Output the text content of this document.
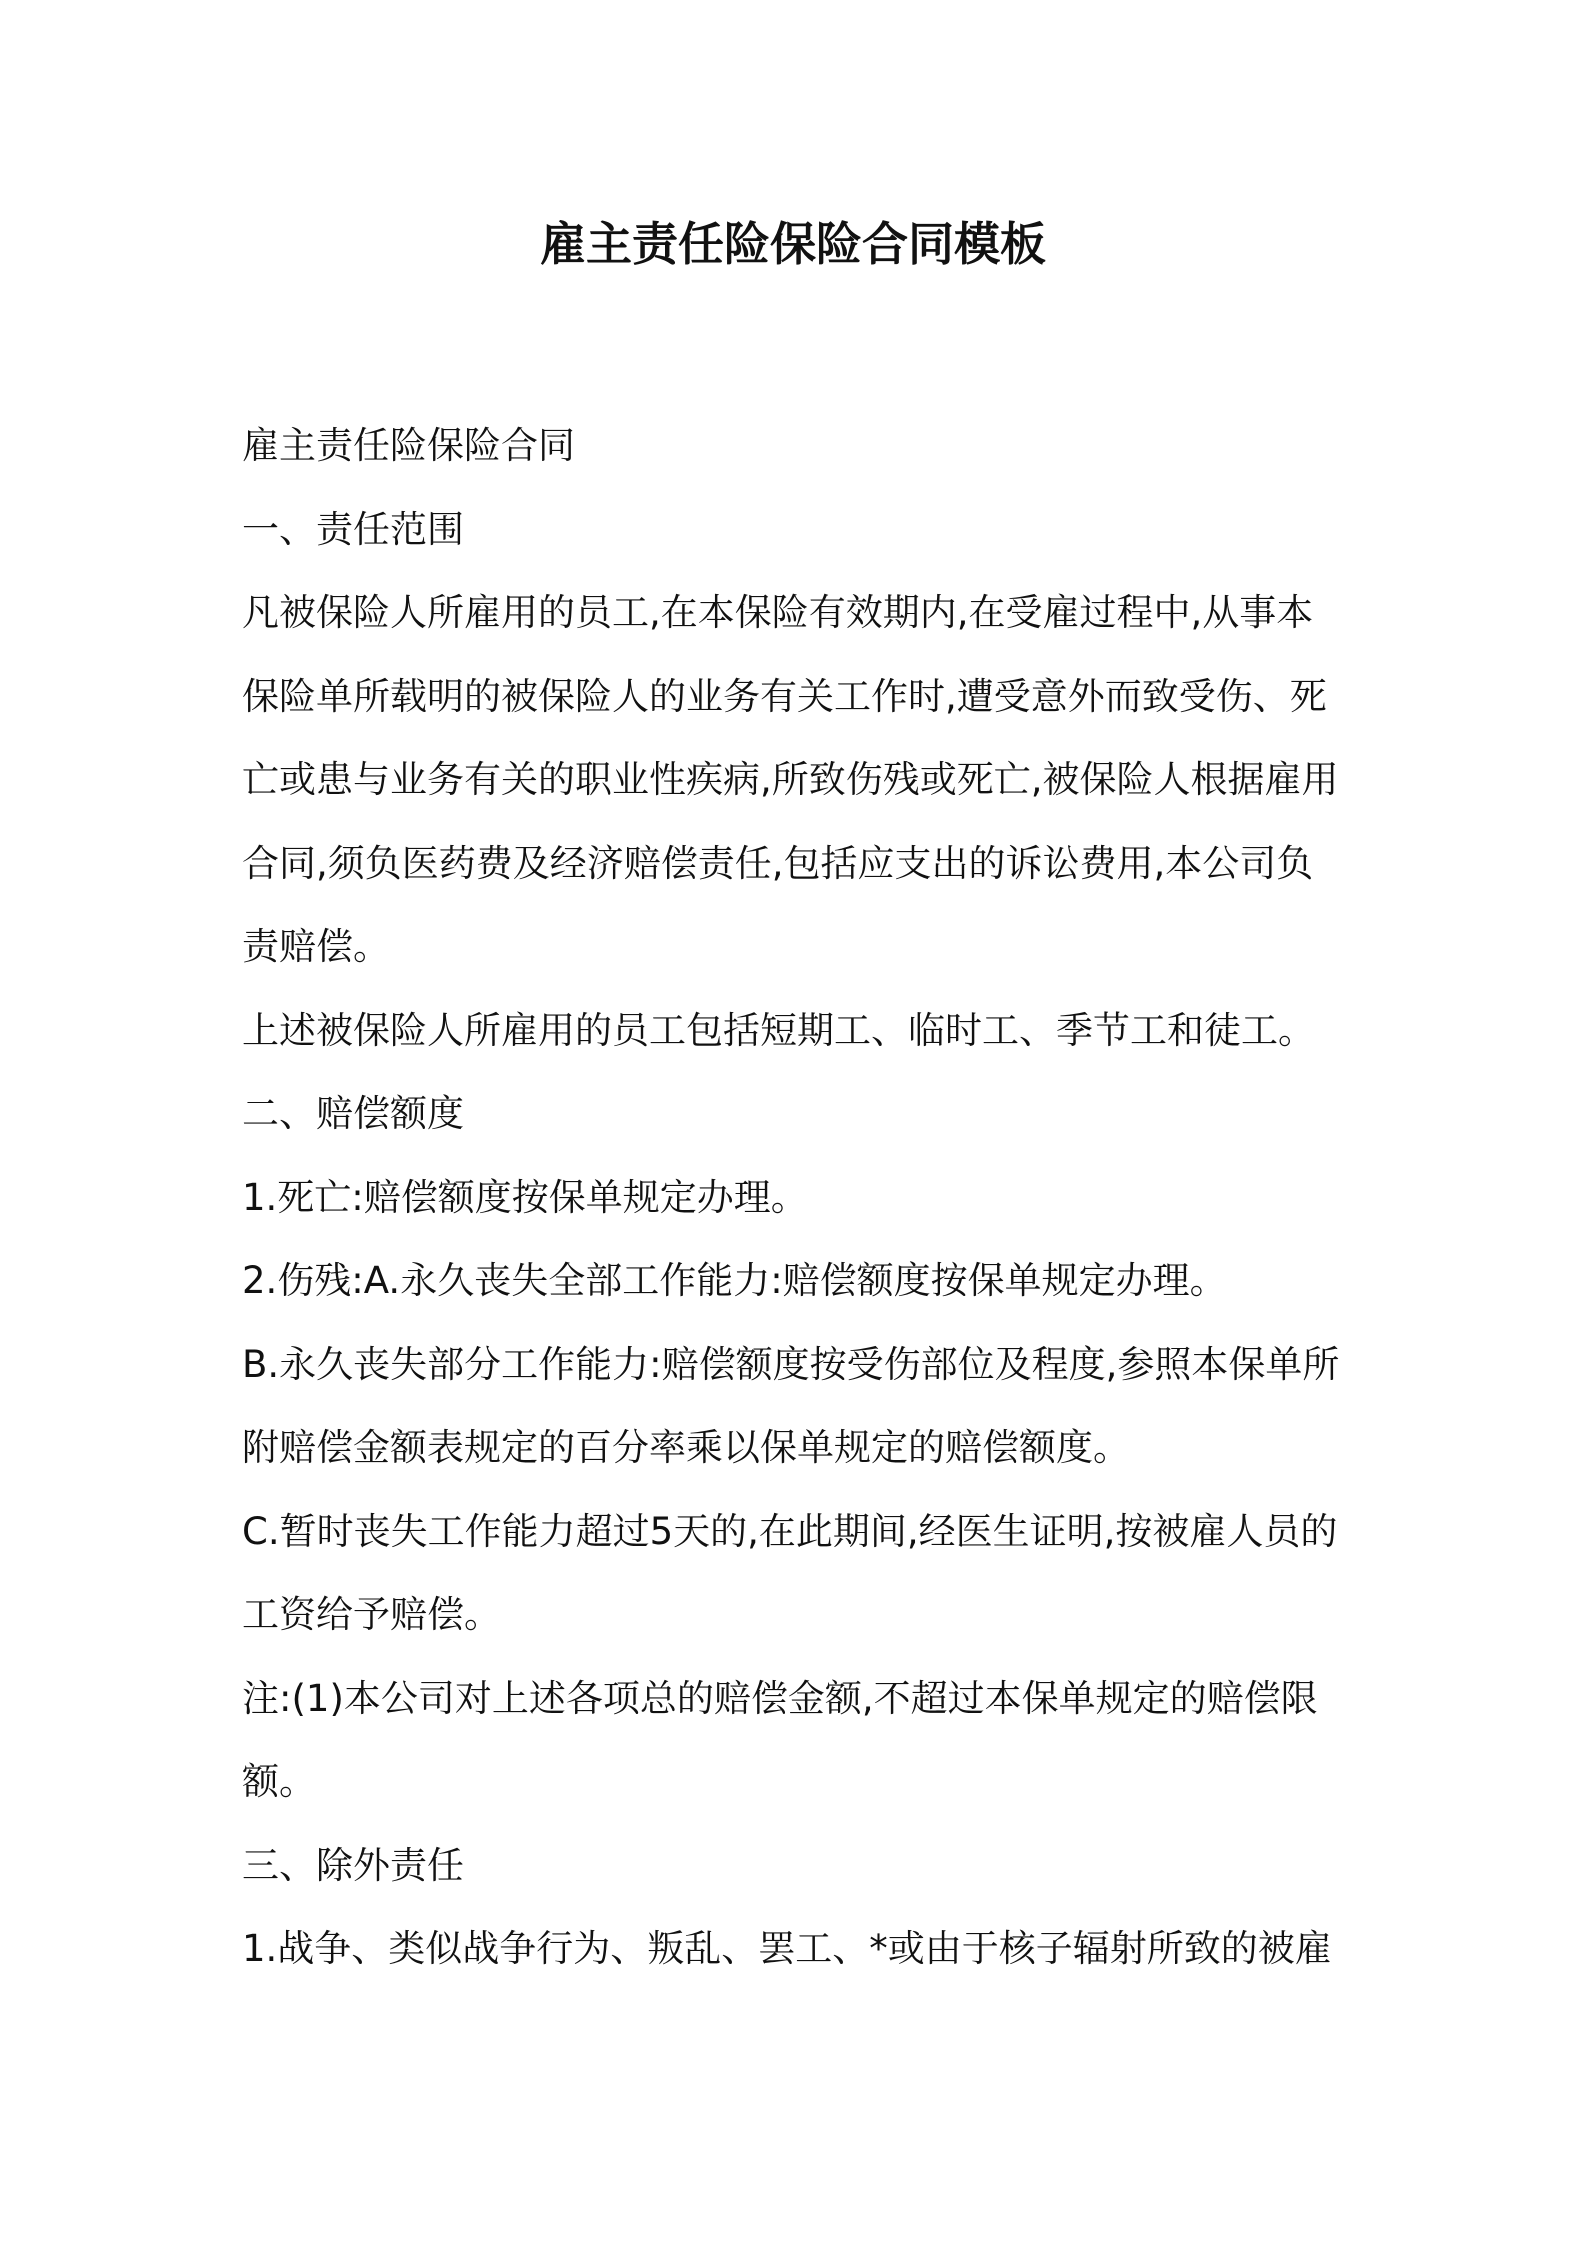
雇主责任险保险合同模板
雇主责任险保险合同
一、责任范围
凡被保险人所雇用的员工,在本保险有效期内,在受雇过程中,从事本
保险单所载明的被保险人的业务有关工作时,遭受意外而致受伤、死
亡或患与业务有关的职业性疾病,所致伤残或死亡,被保险人根据雇用
合同,须负医药费及经济赔偿责任,包括应支出的诉讼费用,本公司负
责赔偿。
上述被保险人所雇用的员工包括短期工、临时工、季节工和徒工。
二、赔偿额度
1.死亡:赔偿额度按保单规定办理。
2.伤残:A.永久丧失全部工作能力:赔偿额度按保单规定办理。
B.永久丧失部分工作能力:赔偿额度按受伤部位及程度,参照本保单所
附赔偿金额表规定的百分率乘以保单规定的赔偿额度。
C.暂时丧失工作能力超过5天的,在此期间,经医生证明,按被雇人员的
工资给予赔偿。
注:(1)本公司对上述各项总的赔偿金额,不超过本保单规定的赔偿限
额。
三、除外责任
1.战争、类似战争行为、叛乱、罢工、*或由于核子辐射所致的被雇
